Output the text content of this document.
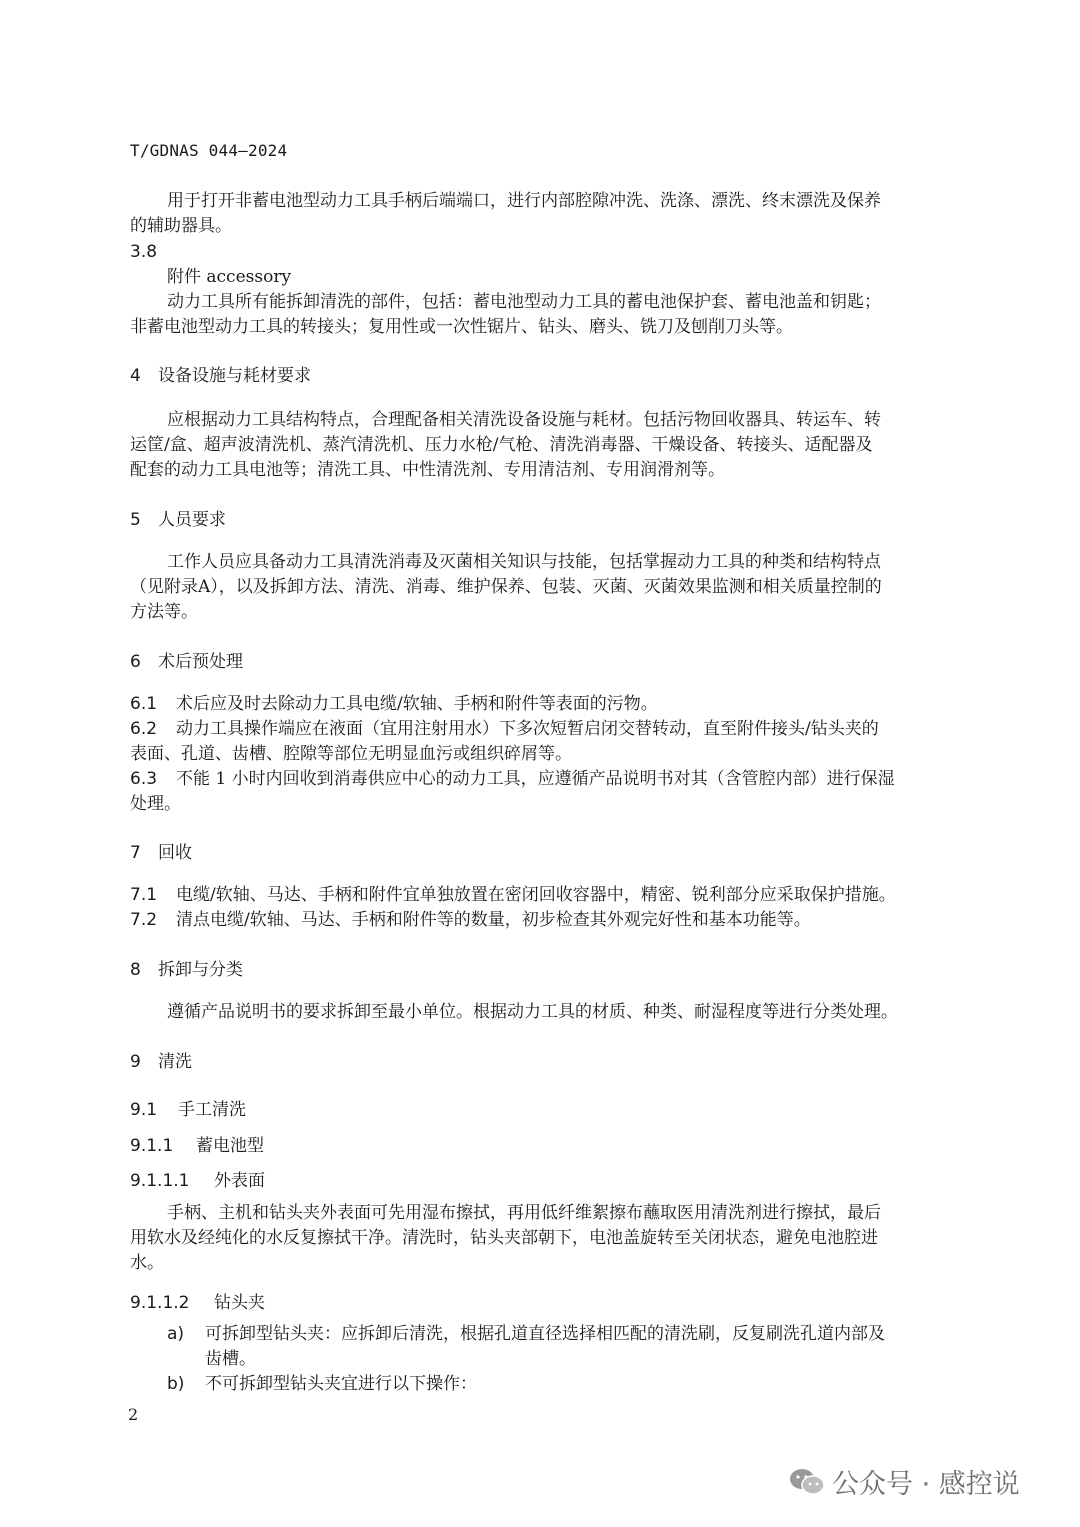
T/GDNAS 044—2024
用于打开非蓄电池型动力工具手柄后端端口，进行内部腔隙冲洗、洗涤、漂洗、终末漂洗及保养
的辅助器具。
3.8
附件 accessory
动力工具所有能拆卸清洗的部件，包括：蓄电池型动力工具的蓄电池保护套、蓄电池盖和钥匙；
非蓄电池型动力工具的转接头；复用性或一次性锯片、钻头、磨头、铣刀及刨削刀头等。
4 设备设施与耗材要求
应根据动力工具结构特点，合理配备相关清洗设备设施与耗材。包括污物回收器具、转运车、转
运筐/盒、超声波清洗机、蒸汽清洗机、压力水枪/气枪、清洗消毒器、干燥设备、转接头、适配器及
配套的动力工具电池等；清洗工具、中性清洗剂、专用清洁剂、专用润滑剂等。
5 人员要求
工作人员应具备动力工具清洗消毒及灭菌相关知识与技能，包括掌握动力工具的种类和结构特点
（见附录A），以及拆卸方法、清洗、消毒、维护保养、包装、灭菌、灭菌效果监测和相关质量控制的
方法等。
6 术后预处理
6.1 术后应及时去除动力工具电缆/软轴、手柄和附件等表面的污物。
6.2 动力工具操作端应在液面（宜用注射用水）下多次短暂启闭交替转动，直至附件接头/钻头夹的
表面、孔道、齿槽、腔隙等部位无明显血污或组织碎屑等。
6.3 不能 1 小时内回收到消毒供应中心的动力工具，应遵循产品说明书对其（含管腔内部）进行保湿
处理。
7 回收
7.1 电缆/软轴、马达、手柄和附件宜单独放置在密闭回收容器中，精密、锐利部分应采取保护措施。
7.2 清点电缆/软轴、马达、手柄和附件等的数量，初步检查其外观完好性和基本功能等。
8 拆卸与分类
遵循产品说明书的要求拆卸至最小单位。根据动力工具的材质、种类、耐湿程度等进行分类处理。
9 清洗
9.1 手工清洗
9.1.1 蓄电池型
9.1.1.1 外表面
手柄、主机和钻头夹外表面可先用湿布擦拭，再用低纤维絮擦布蘸取医用清洗剂进行擦拭，最后
用软水及经纯化的水反复擦拭干净。清洗时，钻头夹部朝下，电池盖旋转至关闭状态，避免电池腔进
水。
9.1.1.2 钻头夹
a) 可拆卸型钻头夹：应拆卸后清洗，根据孔道直径选择相匹配的清洗刷，反复刷洗孔道内部及
齿槽。
b) 不可拆卸型钻头夹宜进行以下操作：
2
公众号 · 感控说
